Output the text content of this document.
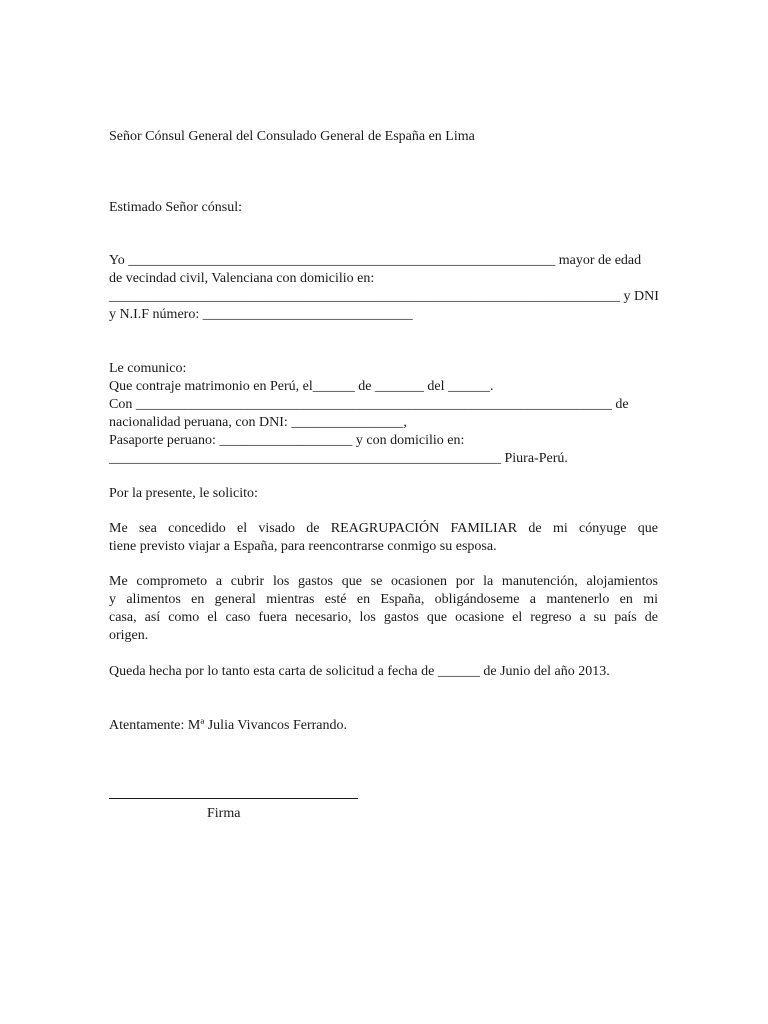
Señor Cónsul General del Consulado General de España en Lima
Estimado Señor cónsul:
Yo _____________________________________________________________ mayor de edad
de vecindad civil, Valenciana con domicilio en:
_________________________________________________________________________ y DNI
y N.I.F número: ______________________________
Le comunico:
Que contraje matrimonio en Perú, el______ de _______ del ______.
Con ____________________________________________________________________ de
nacionalidad peruana, con DNI: ________________,
Pasaporte peruano: ___________________ y con domicilio en:
________________________________________________________ Piura-Perú.
Por la presente, le solicito:
Me sea concedido el visado de REAGRUPACIÓN FAMILIAR de mi cónyuge que
tiene previsto viajar a España, para reencontrarse conmigo su esposa.
Me comprometo a cubrir los gastos que se ocasionen por la manutención, alojamientos
y alimentos en general mientras esté en España, obligándoseme a mantenerlo en mi
casa, así como el caso fuera necesario, los gastos que ocasione el regreso a su país de
origen.
Queda hecha por lo tanto esta carta de solicitud a fecha de ______ de Junio del año 2013.
Atentamente: Mª Julia Vivancos Ferrando.
Firma
